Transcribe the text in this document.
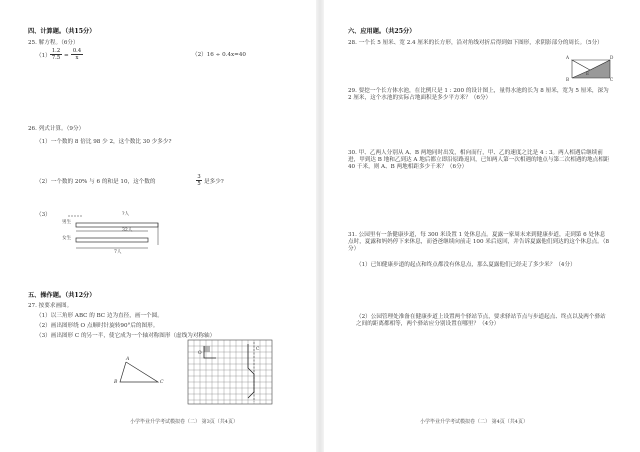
四、计算题。（共15分）
25. 解方程。（6分）
$(1) \frac{1.2}{7.5} = \frac{0.4}{x}$	（2）16 ÷ 0.4x=40
26. 列式计算。（9分）
（1）一个数的 8 倍比 98 少 2，这个数比 30 少多少?
（2）一个数的 20% 与 6 的和是 10，这个数的	$\frac{3}{5}$ 是多少?
（3）
男生
女生
?人
32人
7人
五、操作题。（共12分）
27. 按要求画图。
（1）以三角形 ABC 的 BC 边为直径，画一个圆。
（2）画出图形绕 O 点顺时针旋转90°后的图形。
（3）画出图形 C 的另一半，使它成为一个轴对称图形（虚线为对称轴）
A
B	C
O
C
小学毕业升学考试模拟卷（二） 第3页（共4页）
六、应用题。（共25分）
28. 一个长 5 厘米、宽 2.4 厘米的长方形，沿对角线对折后得到如下图形，求阴影部分的周长。（5分）
A	D
E
B	C
29. 要挖一个长方体水池，在比例尺是 1 : 200 的设计图上，量得水池的长为 8 厘米，宽为 5 厘米，深为 2 厘米，这个水池的实际占地面积是多少平方米？（6分）
30. 甲、乙两人分别从 A、B 两地同时出发，相向而行，甲、乙的速度之比是 4 : 3。两人相遇后继续前进，甲到达 B 地和乙到达 A 地后都立即沿原路返回，已知两人第一次相遇的地点与第二次相遇的地点相距 40 千米，则 A、B 两地相距多少千米？（6分）
31. 公园里有一条健康步道，每 300 米设置 1 处休息点。夏露一家周末来到健康步道，走到第 6 处休息点时，夏露和妈妈停下来休息，而爸爸继续向前走 100 米后返回，并告诉夏露他们到达的这个休息点。（8分）
（1）已知健康步道的起点和终点都没有休息点，那么夏露他们已经走了多少米？（4分）
（2）公园管理处准备在健康步道上设置两个驿站节点，要求驿站节点与步道起点、终点以及两个驿站之间的距离都相等，两个驿站应分别设置在哪里？（4分）
小学毕业升学考试模拟卷（二） 第4页（共4页）
